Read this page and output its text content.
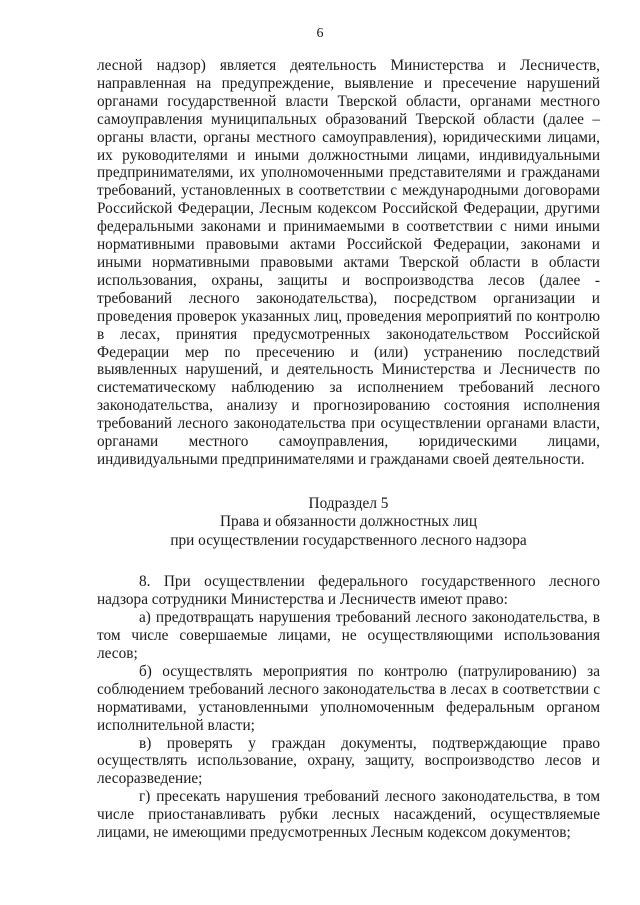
6

лесной надзор) является деятельность Министерства и Лесничеств, направленная на предупреждение, выявление и пресечение нарушений органами государственной власти Тверской области, органами местного самоуправления муниципальных образований Тверской области (далее – органы власти, органы местного самоуправления), юридическими лицами, их руководителями и иными должностными лицами, индивидуальными предпринимателями, их уполномоченными представителями и гражданами требований, установленных в соответствии с международными договорами Российской Федерации, Лесным кодексом Российской Федерации, другими федеральными законами и принимаемыми в соответствии с ними иными нормативными правовыми актами Российской Федерации, законами и иными нормативными правовыми актами Тверской области в области использования, охраны, защиты и воспроизводства лесов (далее - требований лесного законодательства), посредством организации и проведения проверок указанных лиц, проведения мероприятий по контролю в лесах, принятия предусмотренных законодательством Российской Федерации мер по пресечению и (или) устранению последствий выявленных нарушений, и деятельность Министерства и Лесничеств по систематическому наблюдению за исполнением требований лесного законодательства, анализу и прогнозированию состояния исполнения требований лесного законодательства при осуществлении органами власти, органами местного самоуправления, юридическими лицами, индивидуальными предпринимателями и гражданами своей деятельности.

Подраздел 5
Права и обязанности должностных лиц
при осуществлении государственного лесного надзора

8. При осуществлении федерального государственного лесного надзора сотрудники Министерства и Лесничеств имеют право:

а) предотвращать нарушения требований лесного законодательства, в том числе совершаемые лицами, не осуществляющими использования лесов;

б) осуществлять мероприятия по контролю (патрулированию) за соблюдением требований лесного законодательства в лесах в соответствии с нормативами, установленными уполномоченным федеральным органом исполнительной власти;

в) проверять у граждан документы, подтверждающие право осуществлять использование, охрану, защиту, воспроизводство лесов и лесоразведение;

г) пресекать нарушения требований лесного законодательства, в том числе приостанавливать рубки лесных насаждений, осуществляемые лицами, не имеющими предусмотренных Лесным кодексом документов;
